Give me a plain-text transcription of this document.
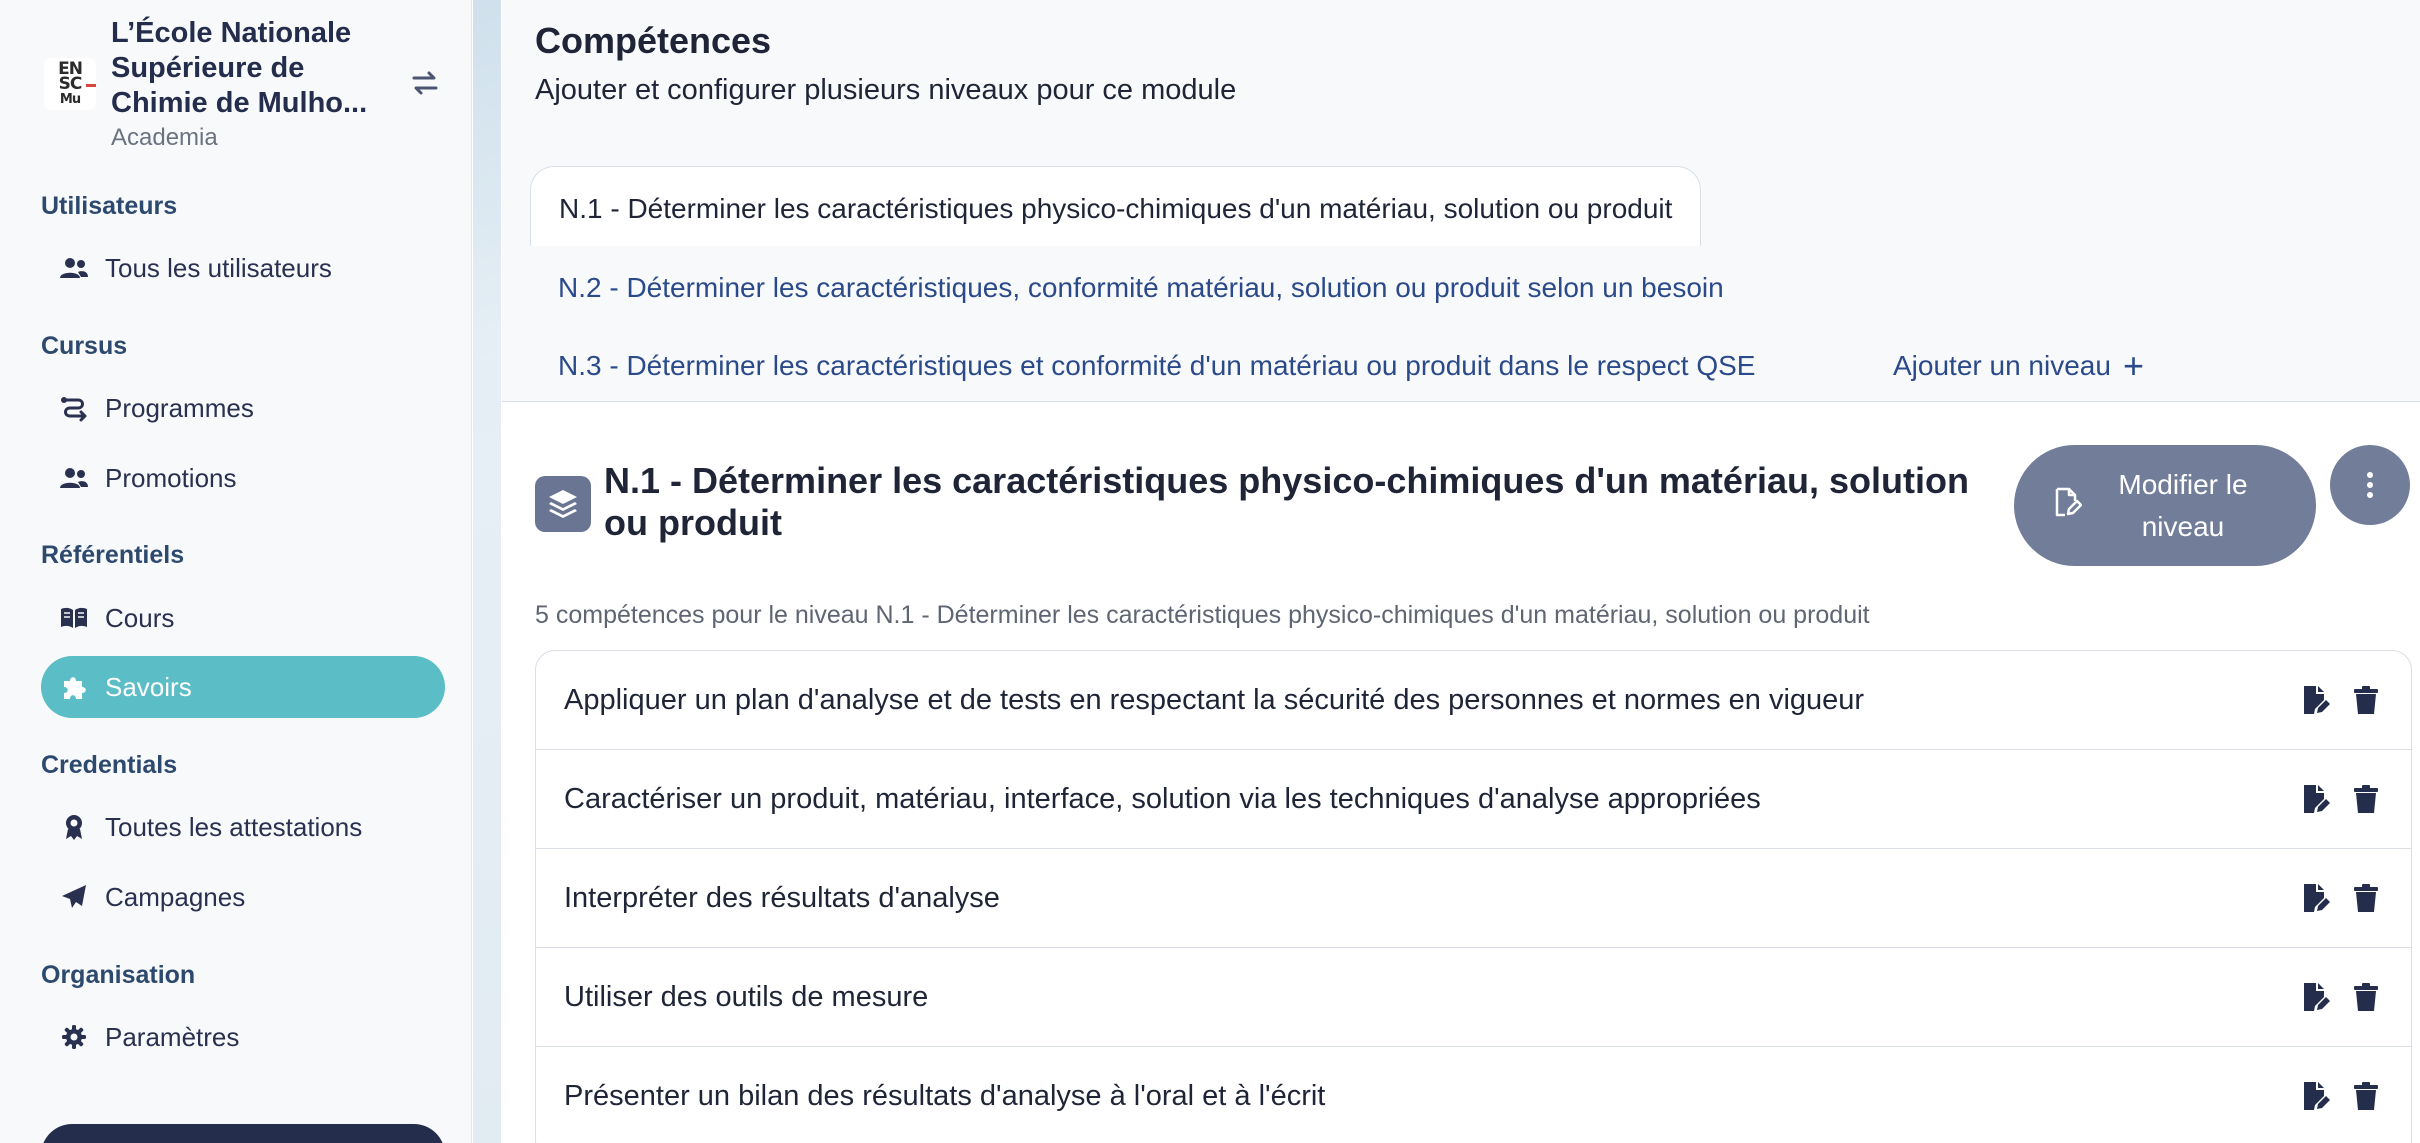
EN
SC
Mu
L’École Nationale Supérieure de Chimie de Mulho...
Academia
Utilisateurs
Tous les utilisateurs
Cursus
Programmes
Promotions
Référentiels
Cours
Savoirs
Credentials
Toutes les attestations
Campagnes
Organisation
Paramètres
Compétences
Ajouter et configurer plusieurs niveaux pour ce module
N.1 - Déterminer les caractéristiques physico-chimiques d'un matériau, solution ou produit
N.2 - Déterminer les caractéristiques, conformité matériau, solution ou produit selon un besoin
N.3 - Déterminer les caractéristiques et conformité d'un matériau ou produit dans le respect QSE	Ajouter un niveau +
N.1 - Déterminer les caractéristiques physico-chimiques d'un matériau, solution ou produit
Modifier le niveau
5 compétences pour le niveau N.1 - Déterminer les caractéristiques physico-chimiques d'un matériau, solution ou produit
Appliquer un plan d'analyse et de tests en respectant la sécurité des personnes et normes en vigueur
Caractériser un produit, matériau, interface, solution via les techniques d'analyse appropriées
Interpréter des résultats d'analyse
Utiliser des outils de mesure
Présenter un bilan des résultats d'analyse à l'oral et à l'écrit
